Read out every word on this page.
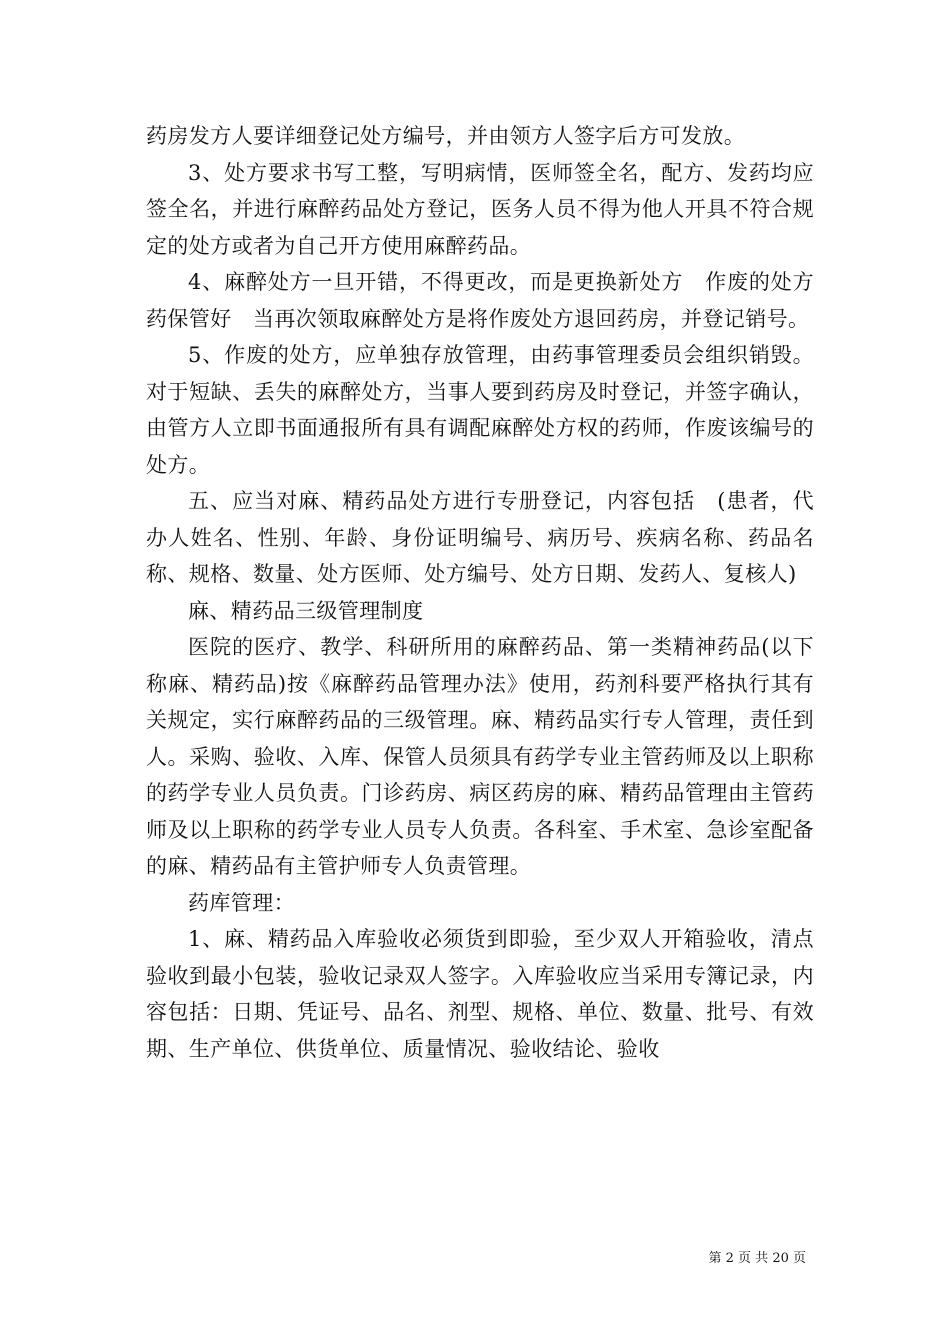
药房发方人要详细登记处方编号，并由领方人签字后方可发放。

3、处方要求书写工整，写明病情，医师签全名，配方、发药均应签全名，并进行麻醉药品处方登记，医务人员不得为他人开具不符合规定的处方或者为自己开方使用麻醉药品。

4、麻醉处方一旦开错，不得更改，而是更换新处方　作废的处方药保管好　当再次领取麻醉处方是将作废处方退回药房，并登记销号。

5、作废的处方，应单独存放管理，由药事管理委员会组织销毁。对于短缺、丢失的麻醉处方，当事人要到药房及时登记，并签字确认，由管方人立即书面通报所有具有调配麻醉处方权的药师，作废该编号的处方。

五、应当对麻、精药品处方进行专册登记，内容包括　(患者，代办人姓名、性别、年龄、身份证明编号、病历号、疾病名称、药品名称、规格、数量、处方医师、处方编号、处方日期、发药人、复核人)

麻、精药品三级管理制度

医院的医疗、教学、科研所用的麻醉药品、第一类精神药品(以下称麻、精药品)按《麻醉药品管理办法》使用，药剂科要严格执行其有关规定，实行麻醉药品的三级管理。麻、精药品实行专人管理，责任到人。采购、验收、入库、保管人员须具有药学专业主管药师及以上职称的药学专业人员负责。门诊药房、病区药房的麻、精药品管理由主管药师及以上职称的药学专业人员专人负责。各科室、手术室、急诊室配备的麻、精药品有主管护师专人负责管理。

药库管理：

1、麻、精药品入库验收必须货到即验，至少双人开箱验收，清点验收到最小包装，验收记录双人签字。入库验收应当采用专簿记录，内容包括：日期、凭证号、品名、剂型、规格、单位、数量、批号、有效期、生产单位、供货单位、质量情况、验收结论、验收

第 2 页 共 20 页
